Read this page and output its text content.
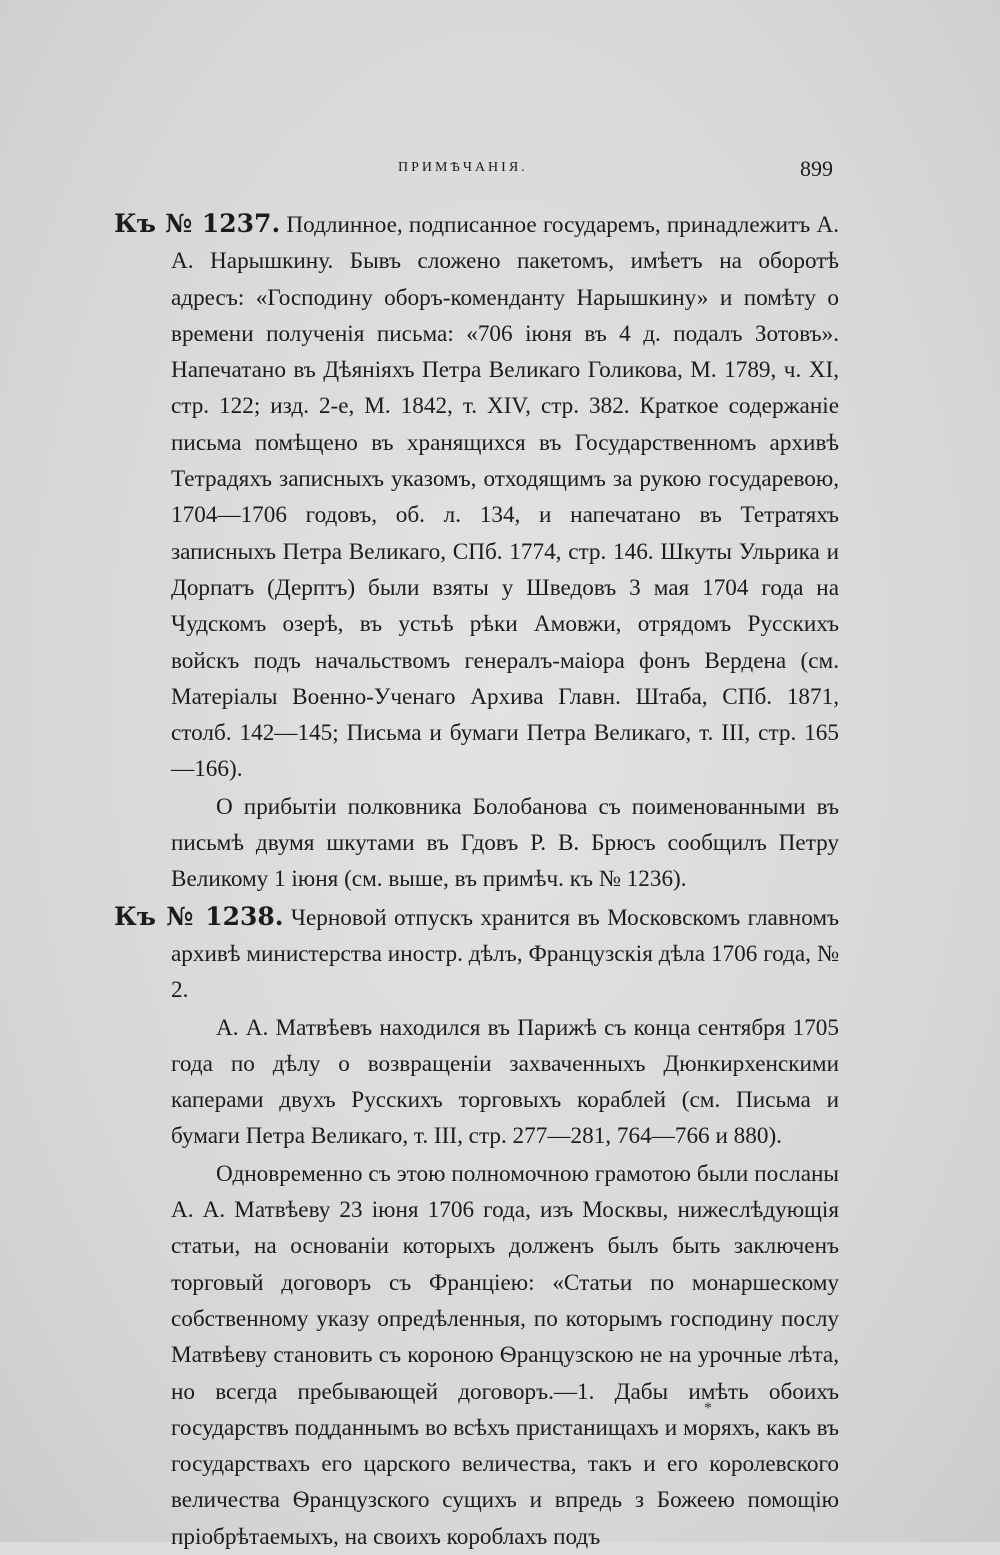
ПРИМѢЧАНІЯ.	899

Къ № 1237. Подлинное, подписанное государемъ, принадлежитъ А. А. Нарышкину. Бывъ сложено пакетомъ, имѣетъ на оборотѣ адресъ: «Господину оборъ-коменданту Нарышкину» и помѣту о времени полученія письма: «706 іюня въ 4 д. подалъ Зотовъ». Напечатано въ Дѣяніяхъ Петра Великаго Голикова, М. 1789, ч. XI, стр. 122; изд. 2-е, М. 1842, т. XIV, стр. 382. Краткое содержаніе письма помѣщено въ хранящихся въ Государственномъ архивѣ Тетрадяхъ записныхъ указомъ, отходящимъ за рукою государевою, 1704—1706 годовъ, об. л. 134, и напечатано въ Тетратяхъ записныхъ Петра Великаго, СПб. 1774, стр. 146. Шкуты Ульрика и Дорпатъ (Дерптъ) были взяты у Шведовъ 3 мая 1704 года на Чудскомъ озерѣ, въ устьѣ рѣки Амовжи, отрядомъ Русскихъ войскъ подъ начальствомъ генералъ-маіора фонъ Вердена (см. Матеріалы Военно-Ученаго Архива Главн. Штаба, СПб. 1871, столб. 142—145; Письма и бумаги Петра Великаго, т. III, стр. 165—166).

О прибытіи полковника Болобанова съ поименованными въ письмѣ двумя шкутами въ Гдовъ Р. В. Брюсъ сообщилъ Петру Великому 1 іюня (см. выше, въ примѣч. къ № 1236).

Къ № 1238. Черновой отпускъ хранится въ Московскомъ главномъ архивѣ министерства иностр. дѣлъ, Французскія дѣла 1706 года, № 2.

А. А. Матвѣевъ находился въ Парижѣ съ конца сентября 1705 года по дѣлу о возвращеніи захваченныхъ Дюнкирхенскими каперами двухъ Русскихъ торговыхъ кораблей (см. Письма и бумаги Петра Великаго, т. III, стр. 277—281, 764—766 и 880).

Одновременно съ этою полномочною грамотою были посланы А. А. Матвѣеву 23 іюня 1706 года, изъ Москвы, нижеслѣдующія статьи, на основаніи которыхъ долженъ былъ быть заключенъ торговый договоръ съ Франціею: «Статьи по монаршескому собственному указу опредѣленныя, по которымъ господину послу Матвѣеву становить съ короною Ѳранцузскою не на урочные лѣта, но всегда пребывающей договоръ.—1. Дабы имѣть обоихъ государствъ подданнымъ во всѣхъ пристанищахъ и моряхъ, какъ въ государствахъ его царского величества, такъ и его королевского величества Ѳранцузского сущихъ и впредь з Божеею помощію пріобрѣтаемыхъ, на своихъ короблахъ подъ

*
